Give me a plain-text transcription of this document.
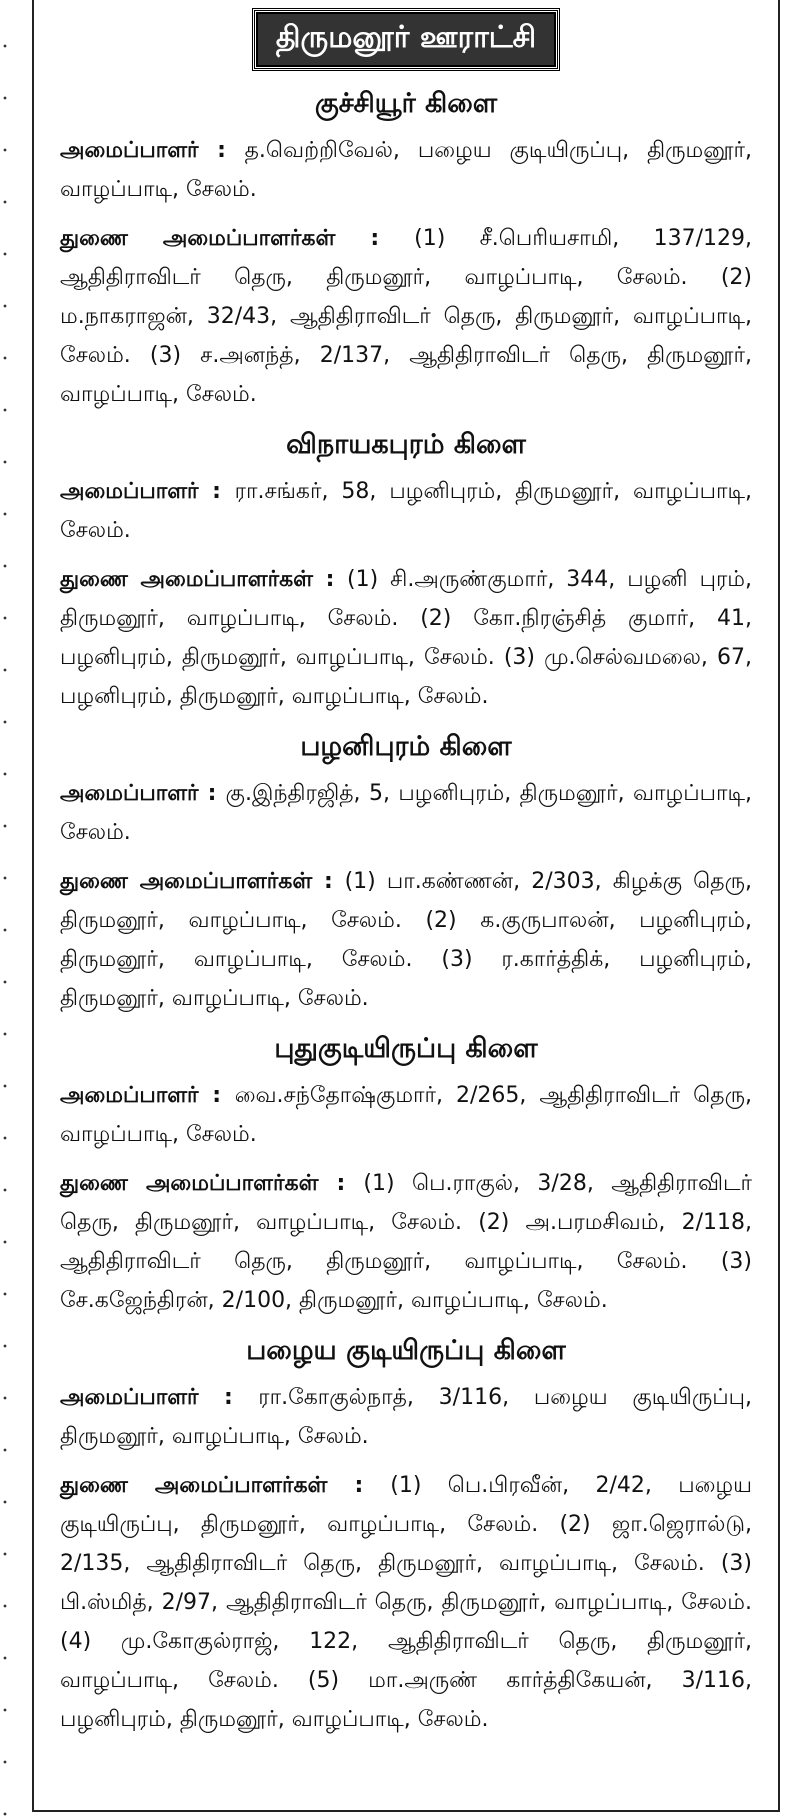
திருமனூர் ஊராட்சி
குச்சியூர் கிளை

அமைப்பாளர் : த.வெற்றிவேல், பழைய குடியிருப்பு, திருமனூர், வாழப்பாடி, சேலம்.

துணை அமைப்பாளர்கள் :	(1) சீ.பெரியசாமி, 137/129, ஆதிதிராவிடர் தெரு, திருமனூர், வாழப்பாடி, சேலம். (2) ம.நாகராஜன், 32/43, ஆதிதிராவிடர் தெரு, திருமனூர், வாழப்பாடி, சேலம். (3) ச.அனந்த், 2/137, ஆதிதிராவிடர் தெரு, திருமனூர், வாழப்பாடி, சேலம்.

விநாயகபுரம் கிளை

அமைப்பாளர் : ரா.சங்கர், 58, பழனிபுரம், திருமனூர், வாழப்பாடி, சேலம்.

துணை அமைப்பாளர்கள் : (1) சி.அருண்குமார், 344, பழனி புரம், திருமனூர், வாழப்பாடி, சேலம். (2) கோ.நிரஞ்சித் குமார், 41, பழனிபுரம், திருமனூர், வாழப்பாடி, சேலம். (3) மு.செல்வமலை, 67, பழனிபுரம், திருமனூர், வாழப்பாடி, சேலம்.

பழனிபுரம் கிளை

அமைப்பாளர் : கு.இந்திரஜித், 5, பழனிபுரம், திருமனூர், வாழப்பாடி, சேலம்.

துணை அமைப்பாளர்கள் : (1) பா.கண்ணன், 2/303, கிழக்கு தெரு, திருமனூர், வாழப்பாடி, சேலம். (2) க.குருபாலன், பழனிபுரம், திருமனூர், வாழப்பாடி, சேலம். (3) ர.கார்த்திக், பழனிபுரம், திருமனூர், வாழப்பாடி, சேலம்.

புதுகுடியிருப்பு கிளை

அமைப்பாளர் : வை.சந்தோஷ்குமார், 2/265, ஆதிதிராவிடர் தெரு, வாழப்பாடி, சேலம்.

துணை அமைப்பாளர்கள் : (1) பெ.ராகுல், 3/28, ஆதிதிராவிடர் தெரு, திருமனூர், வாழப்பாடி, சேலம். (2) அ.பரமசிவம், 2/118, ஆதிதிராவிடர் தெரு, திருமனூர், வாழப்பாடி, சேலம். (3) சே.கஜேந்திரன், 2/100, திருமனூர், வாழப்பாடி, சேலம்.

பழைய குடியிருப்பு கிளை

அமைப்பாளர் :	ரா.கோகுல்நாத், 3/116, பழைய குடியிருப்பு, திருமனூர், வாழப்பாடி, சேலம்.

துணை அமைப்பாளர்கள் :	(1) பெ.பிரவீன், 2/42, பழைய குடியிருப்பு, திருமனூர், வாழப்பாடி, சேலம். (2) ஜா.ஜெரால்டு, 2/135, ஆதிதிராவிடர் தெரு, திருமனூர், வாழப்பாடி, சேலம். (3) பி.ஸ்மித், 2/97, ஆதிதிராவிடர் தெரு, திருமனூர், வாழப்பாடி, சேலம். (4) மு.கோகுல்ராஜ், 122, ஆதிதிராவிடர் தெரு, திருமனூர், வாழப்பாடி, சேலம். (5) மா.அருண் கார்த்திகேயன், 3/116, பழனிபுரம், திருமனூர், வாழப்பாடி, சேலம்.
